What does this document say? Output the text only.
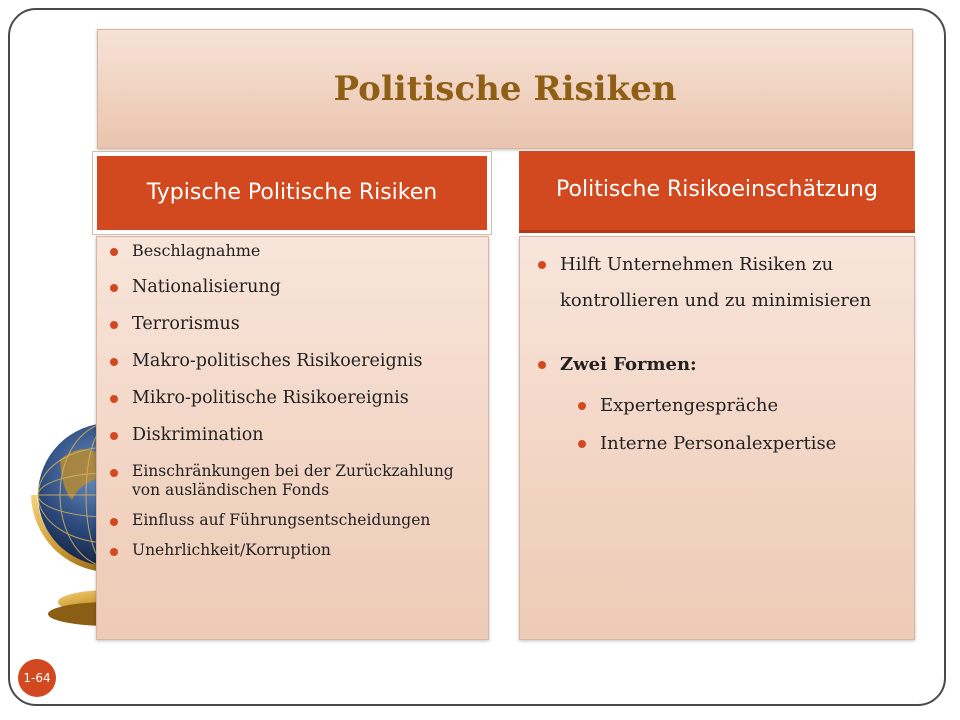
Politische Risiken
Typische Politische Risiken	Politische Risikoeinschätzung
Beschlagnahme
Nationalisierung
Terrorismus
Makro-politisches Risikoereignis
Mikro-politische Risikoereignis
Diskrimination
Einschränkungen bei der Zurückzahlung von ausländischen Fonds
Einfluss auf Führungsentscheidungen
Unehrlichkeit/Korruption
Hilft Unternehmen Risiken zu kontrollieren und zu minimisieren
Zwei Formen:
Expertengespräche
Interne Personalexpertise
1-64
